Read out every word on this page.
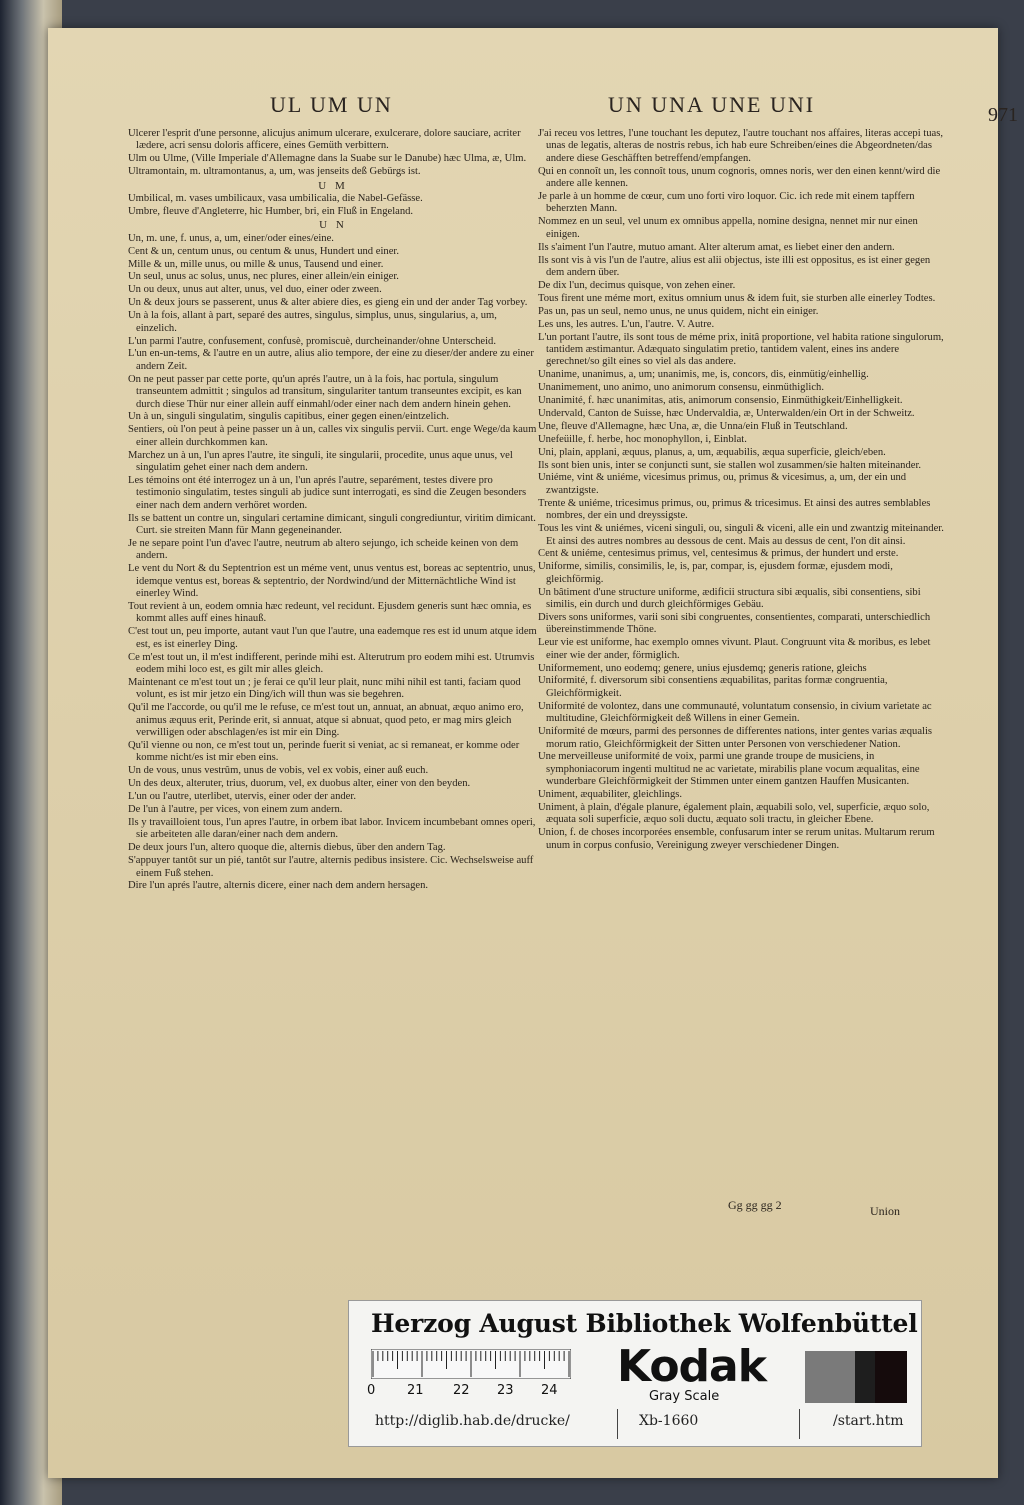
UL UM UN	UN UNA UNE UNI	971
Ulcerer l'esprit d'une personne, alicujus animum ulcerare, exulcerare, dolore sauciare, acriter lædere, acri sensu doloris afficere, eines Gemüth verbittern.
Ulm ou Ulme, (Ville Imperiale d'Allemagne dans la Suabe sur le Danube) hæc Ulma, æ, Ulm.
Ultramontain, m. ultramontanus, a, um, was jenseits deß Gebürgs ist.
U M
Umbilical, m. vases umbilicaux, vasa umbilicalia, die Nabel-Gefässe.
Umbre, fleuve d'Angleterre, hic Humber, bri, ein Fluß in Engeland.
U N
Un, m. une, f. unus, a, um, einer/oder eines/eine.
Cent & un, centum unus, ou centum & unus, Hundert und einer.
Mille & un, mille unus, ou mille & unus, Tausend und einer.
Un seul, unus ac solus, unus, nec plures, einer allein/ein einiger.
Un ou deux, unus aut alter, unus, vel duo, einer oder zween.
Un & deux jours se passerent, unus & alter abiere dies, es gieng ein und der ander Tag vorbey.
Un à la fois, allant à part, separé des autres, singulus, simplus, unus, singularius, a, um, einzelich.
L'un parmi l'autre, confusement, confusè, promiscuè, durcheinander/ohne Unterscheid.
L'un en-un-tems, & l'autre en un autre, alius alio tempore, der eine zu dieser/der andere zu einer andern Zeit.
On ne peut passer par cette porte, qu'un aprés l'autre, un à la fois, hac portula, singulum transeuntem admittit ; singulos ad transitum, singulariter tantum transeuntes excipit, es kan durch diese Thür nur einer allein auff einmahl/oder einer nach dem andern hinein gehen.
Un à un, singuli singulatim, singulis capitibus, einer gegen einen/eintzelich.
Sentiers, où l'on peut à peine passer un à un, calles vix singulis pervii. Curt. enge Wege/da kaum einer allein durchkommen kan.
Marchez un à un, l'un apres l'autre, ite singuli, ite singularii, procedite, unus aque unus, vel singulatim gehet einer nach dem andern.
Les témoins ont été interrogez un à un, l'un aprés l'autre, separément, testes divere pro testimonio singulatim, testes singuli ab judice sunt interrogati, es sind die Zeugen besonders einer nach dem andern verhöret worden.
Ils se battent un contre un, singulari certamine dimicant, singuli congrediuntur, viritim dimicant. Curt. sie streiten Mann für Mann gegeneinander.
Je ne separe point l'un d'avec l'autre, neutrum ab altero sejungo, ich scheide keinen von dem andern.
Le vent du Nort & du Septentrion est un méme vent, unus ventus est, boreas ac septentrio, unus, idemque ventus est, boreas & septentrio, der Nordwind/und der Mitternächtliche Wind ist einerley Wind.
Tout revient à un, eodem omnia hæc redeunt, vel recidunt. Ejusdem generis sunt hæc omnia, es kommt alles auff eines hinauß.
C'est tout un, peu importe, autant vaut l'un que l'autre, una eademque res est id unum atque idem est, es ist einerley Ding.
Ce m'est tout un, il m'est indifferent, perinde mihi est. Alterutrum pro eodem mihi est. Utrumvis eodem mihi loco est, es gilt mir alles gleich.
Maintenant ce m'est tout un ; je ferai ce qu'il leur plait, nunc mihi nihil est tanti, faciam quod volunt, es ist mir jetzo ein Ding/ich will thun was sie begehren.
Qu'il me l'accorde, ou qu'il me le refuse, ce m'est tout un, annuat, an abnuat, æquo animo ero, animus æquus erit, Perinde erit, si annuat, atque si abnuat, quod peto, er mag mirs gleich verwilligen oder abschlagen/es ist mir ein Ding.
Qu'il vienne ou non, ce m'est tout un, perinde fuerit si veniat, ac si remaneat, er komme oder komme nicht/es ist mir eben eins.
Un de vous, unus vestrûm, unus de vobis, vel ex vobis, einer auß euch.
Un des deux, alteruter, trius, duorum, vel, ex duobus alter, einer von den beyden.
L'un ou l'autre, uterlibet, utervis, einer oder der ander.
De l'un à l'autre, per vices, von einem zum andern.
Ils y travailloient tous, l'un apres l'autre, in orbem ibat labor. Invicem incumbebant omnes operi, sie arbeiteten alle daran/einer nach dem andern.
De deux jours l'un, altero quoque die, alternis diebus, über den andern Tag.
S'appuyer tantôt sur un pié, tantôt sur l'autre, alternis pedibus insistere. Cic. Wechselsweise auff einem Fuß stehen.
Dire l'un aprés l'autre, alternis dicere, einer nach dem andern hersagen.
J'ai receu vos lettres, l'une touchant les deputez, l'autre touchant nos affaires, literas accepi tuas, unas de legatis, alteras de nostris rebus, ich hab eure Schreiben/eines die Abgeordneten/das andere diese Geschäfften betreffend/empfangen.
Qui en connoît un, les connoît tous, unum cognoris, omnes noris, wer den einen kennt/wird die andere alle kennen.
Je parle à un homme de cœur, cum uno forti viro loquor. Cic. ich rede mit einem tapffern beherzten Mann.
Nommez en un seul, vel unum ex omnibus appella, nomine designa, nennet mir nur einen einigen.
Ils s'aiment l'un l'autre, mutuo amant. Alter alterum amat, es liebet einer den andern.
Ils sont vis à vis l'un de l'autre, alius est alii objectus, iste illi est oppositus, es ist einer gegen dem andern über.
De dix l'un, decimus quisque, von zehen einer.
Tous firent une méme mort, exitus omnium unus & idem fuit, sie sturben alle einerley Todtes.
Pas un, pas un seul, nemo unus, ne unus quidem, nicht ein einiger.
Les uns, les autres. L'un, l'autre. V. Autre.
L'un portant l'autre, ils sont tous de méme prix, initâ proportione, vel habita ratione singulorum, tantidem æstimantur. Adæquato singulatim pretio, tantidem valent, eines ins andere gerechnet/so gilt eines so viel als das andere.
Unanime, unanimus, a, um; unanimis, me, is, concors, dis, einmütig/einhellig.
Unanimement, uno animo, uno animorum consensu, einmüthiglich.
Unanimité, f. hæc unanimitas, atis, animorum consensio, Einmüthigkeit/Einhelligkeit.
Undervald, Canton de Suisse, hæc Undervaldia, æ, Unterwalden/ein Ort in der Schweitz.
Une, fleuve d'Allemagne, hæc Una, æ, die Unna/ein Fluß in Teutschland.
Unefeüille, f. herbe, hoc monophyllon, i, Einblat.
Uni, plain, applani, æquus, planus, a, um, æquabilis, æqua superficie, gleich/eben.
Ils sont bien unis, inter se conjuncti sunt, sie stallen wol zusammen/sie halten miteinander.
Uniéme, vint & uniéme, vicesimus primus, ou, primus & vicesimus, a, um, der ein und zwantzigste.
Trente & uniéme, tricesimus primus, ou, primus & tricesimus. Et ainsi des autres semblables nombres, der ein und dreyssigste.
Tous les vint & uniémes, viceni singuli, ou, singuli & viceni, alle ein und zwantzig miteinander. Et ainsi des autres nombres au dessous de cent. Mais au dessus de cent, l'on dit ainsi.
Cent & uniéme, centesimus primus, vel, centesimus & primus, der hundert und erste.
Uniforme, similis, consimilis, le, is, par, compar, is, ejusdem formæ, ejusdem modi, gleichförmig.
Un bâtiment d'une structure uniforme, ædificii structura sibi æqualis, sibi consentiens, sibi similis, ein durch und durch gleichförmiges Gebäu.
Divers sons uniformes, varii soni sibi congruentes, consentientes, comparati, unterschiedlich übereinstimmende Thöne.
Leur vie est uniforme, hac exemplo omnes vivunt. Plaut. Congruunt vita & moribus, es lebet einer wie der ander, förmiglich.
Uniformement, uno eodemq; genere, unius ejusdemq; generis ratione, gleichs
Uniformité, f. diversorum sibi consentiens æquabilitas, paritas formæ congruentia, Gleichförmigkeit.
Uniformité de volontez, dans une communauté, voluntatum consensio, in civium varietate ac multitudine, Gleichförmigkeit deß Willens in einer Gemein.
Uniformité de mœurs, parmi des personnes de differentes nations, inter gentes varias æqualis morum ratio, Gleichförmigkeit der Sitten unter Personen von verschiedener Nation.
Une merveilleuse uniformité de voix, parmi une grande troupe de musiciens, in symphoniacorum ingenti multitud ne ac varietate, mirabilis plane vocum æqualitas, eine wunderbare Gleichförmigkeit der Stimmen unter einem gantzen Hauffen Musicanten.
Uniment, æquabiliter, gleichlings.
Uniment, à plain, d'égale planure, également plain, æquabili solo, vel, superficie, æquo solo, æquata soli superficie, æquo soli ductu, æquato soli tractu, in gleicher Ebene.
Union, f. de choses incorporées ensemble, confusarum inter se rerum unitas. Multarum rerum unum in corpus confusio, Vereinigung zweyer verschiedener Dingen.
Gg gg gg 2	Union
Herzog August Bibliothek Wolfenbüttel
0 21 22 23 24 Kodak
Gray Scale
http://diglib.hab.de/drucke/	Xb-1660	/start.htm
